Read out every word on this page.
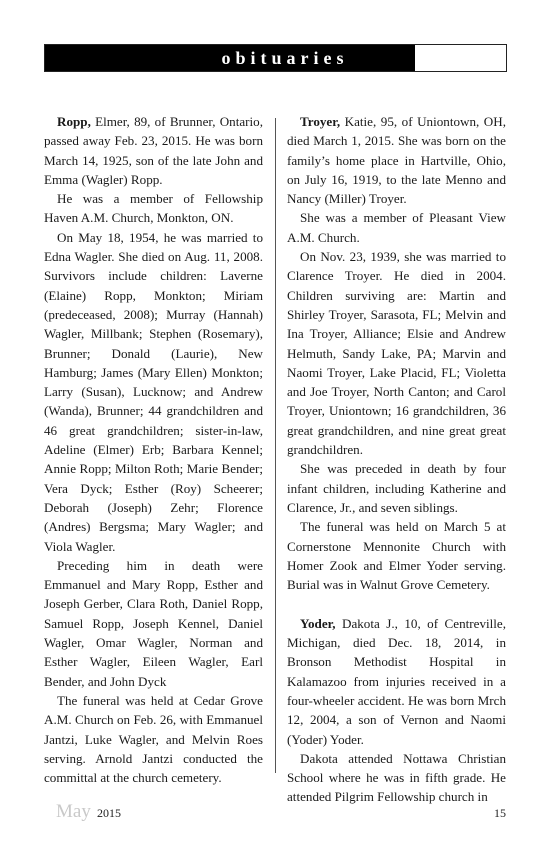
obituaries

Ropp, Elmer, 89, of Brunner, Ontario, passed away Feb. 23, 2015. He was born March 14, 1925, son of the late John and Emma (Wagler) Ropp.

He was a member of Fellowship Haven A.M. Church, Monkton, ON.

On May 18, 1954, he was married to Edna Wagler. She died on Aug. 11, 2008. Survivors include children: Laverne (Elaine) Ropp, Monkton; Miriam (predeceased, 2008); Murray (Hannah) Wagler, Millbank; Stephen (Rosemary), Brunner; Donald (Laurie), New Hamburg; James (Mary Ellen) Monkton; Larry (Susan), Lucknow; and Andrew (Wanda), Brunner; 44 grandchildren and 46 great grandchildren; sister-in-law, Adeline (Elmer) Erb; Barbara Kennel; Annie Ropp; Milton Roth; Marie Bender; Vera Dyck; Esther (Roy) Scheerer; Deborah (Joseph) Zehr; Florence (Andres) Bergsma; Mary Wagler; and Viola Wagler.

Preceding him in death were Emmanuel and Mary Ropp, Esther and Joseph Gerber, Clara Roth, Daniel Ropp, Samuel Ropp, Joseph Kennel, Daniel Wagler, Omar Wagler, Norman and Esther Wagler, Eileen Wagler, Earl Bender, and John Dyck

The funeral was held at Cedar Grove A.M. Church on Feb. 26, with Emmanuel Jantzi, Luke Wagler, and Melvin Roes serving. Arnold Jantzi conducted the committal at the church cemetery.

Troyer, Katie, 95, of Uniontown, OH, died March 1, 2015. She was born on the family’s home place in Hartville, Ohio, on July 16, 1919, to the late Menno and Nancy (Miller) Troyer.

She was a member of Pleasant View A.M. Church.

On Nov. 23, 1939, she was married to Clarence Troyer. He died in 2004. Children surviving are: Martin and Shirley Troyer, Sarasota, FL; Melvin and Ina Troyer, Alliance; Elsie and Andrew Helmuth, Sandy Lake, PA; Marvin and Naomi Troyer, Lake Placid, FL; Violetta and Joe Troyer, North Canton; and Carol Troyer, Uniontown; 16 grandchildren, 36 great grandchildren, and nine great great grandchildren.

She was preceded in death by four infant children, including Katherine and Clarence, Jr., and seven siblings.

The funeral was held on March 5 at Cornerstone Mennonite Church with Homer Zook and Elmer Yoder serving. Burial was in Walnut Grove Cemetery.

Yoder, Dakota J., 10, of Centreville, Michigan, died Dec. 18, 2014, in Bronson Methodist Hospital in Kalamazoo from injuries received in a four-wheeler accident. He was born Mrch 12, 2004, a son of Vernon and Naomi (Yoder) Yoder.

Dakota attended Nottawa Christian School where he was in fifth grade. He attended Pilgrim Fellowship church in

May 2015	15
